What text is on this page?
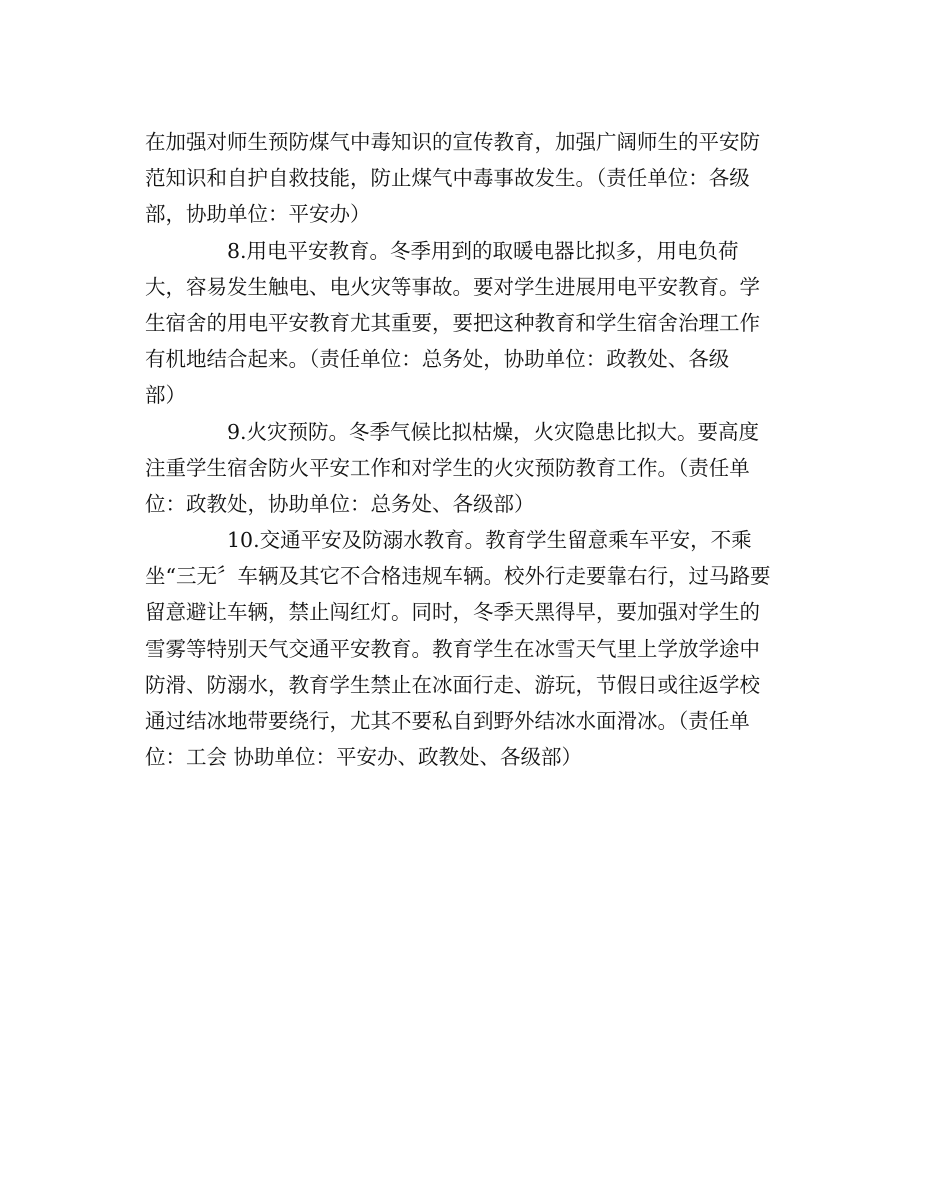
在加强对师生预防煤气中毒知识的宣传教育，加强广阔师生的平安防
范知识和自护自救技能，防止煤气中毒事故发生。（责任单位：各级
部，协助单位：平安办）
8.用电平安教育。冬季用到的取暖电器比拟多，用电负荷
大，容易发生触电、电火灾等事故。要对学生进展用电平安教育。学
生宿舍的用电平安教育尤其重要，要把这种教育和学生宿舍治理工作
有机地结合起来。（责任单位：总务处，协助单位：政教处、各级
部）
9.火灾预防。冬季气候比拟枯燥，火灾隐患比拟大。要高度
注重学生宿舍防火平安工作和对学生的火灾预防教育工作。（责任单
位：政教处，协助单位：总务处、各级部）
10.交通平安及防溺水教育。教育学生留意乘车平安，不乘
坐“三无〞车辆及其它不合格违规车辆。校外行走要靠右行，过马路要
留意避让车辆，禁止闯红灯。同时，冬季天黑得早，要加强对学生的
雪雾等特别天气交通平安教育。教育学生在冰雪天气里上学放学途中
防滑、防溺水，教育学生禁止在冰面行走、游玩，节假日或往返学校
通过结冰地带要绕行，尤其不要私自到野外结冰水面滑冰。（责任单
位：工会 协助单位：平安办、政教处、各级部）
